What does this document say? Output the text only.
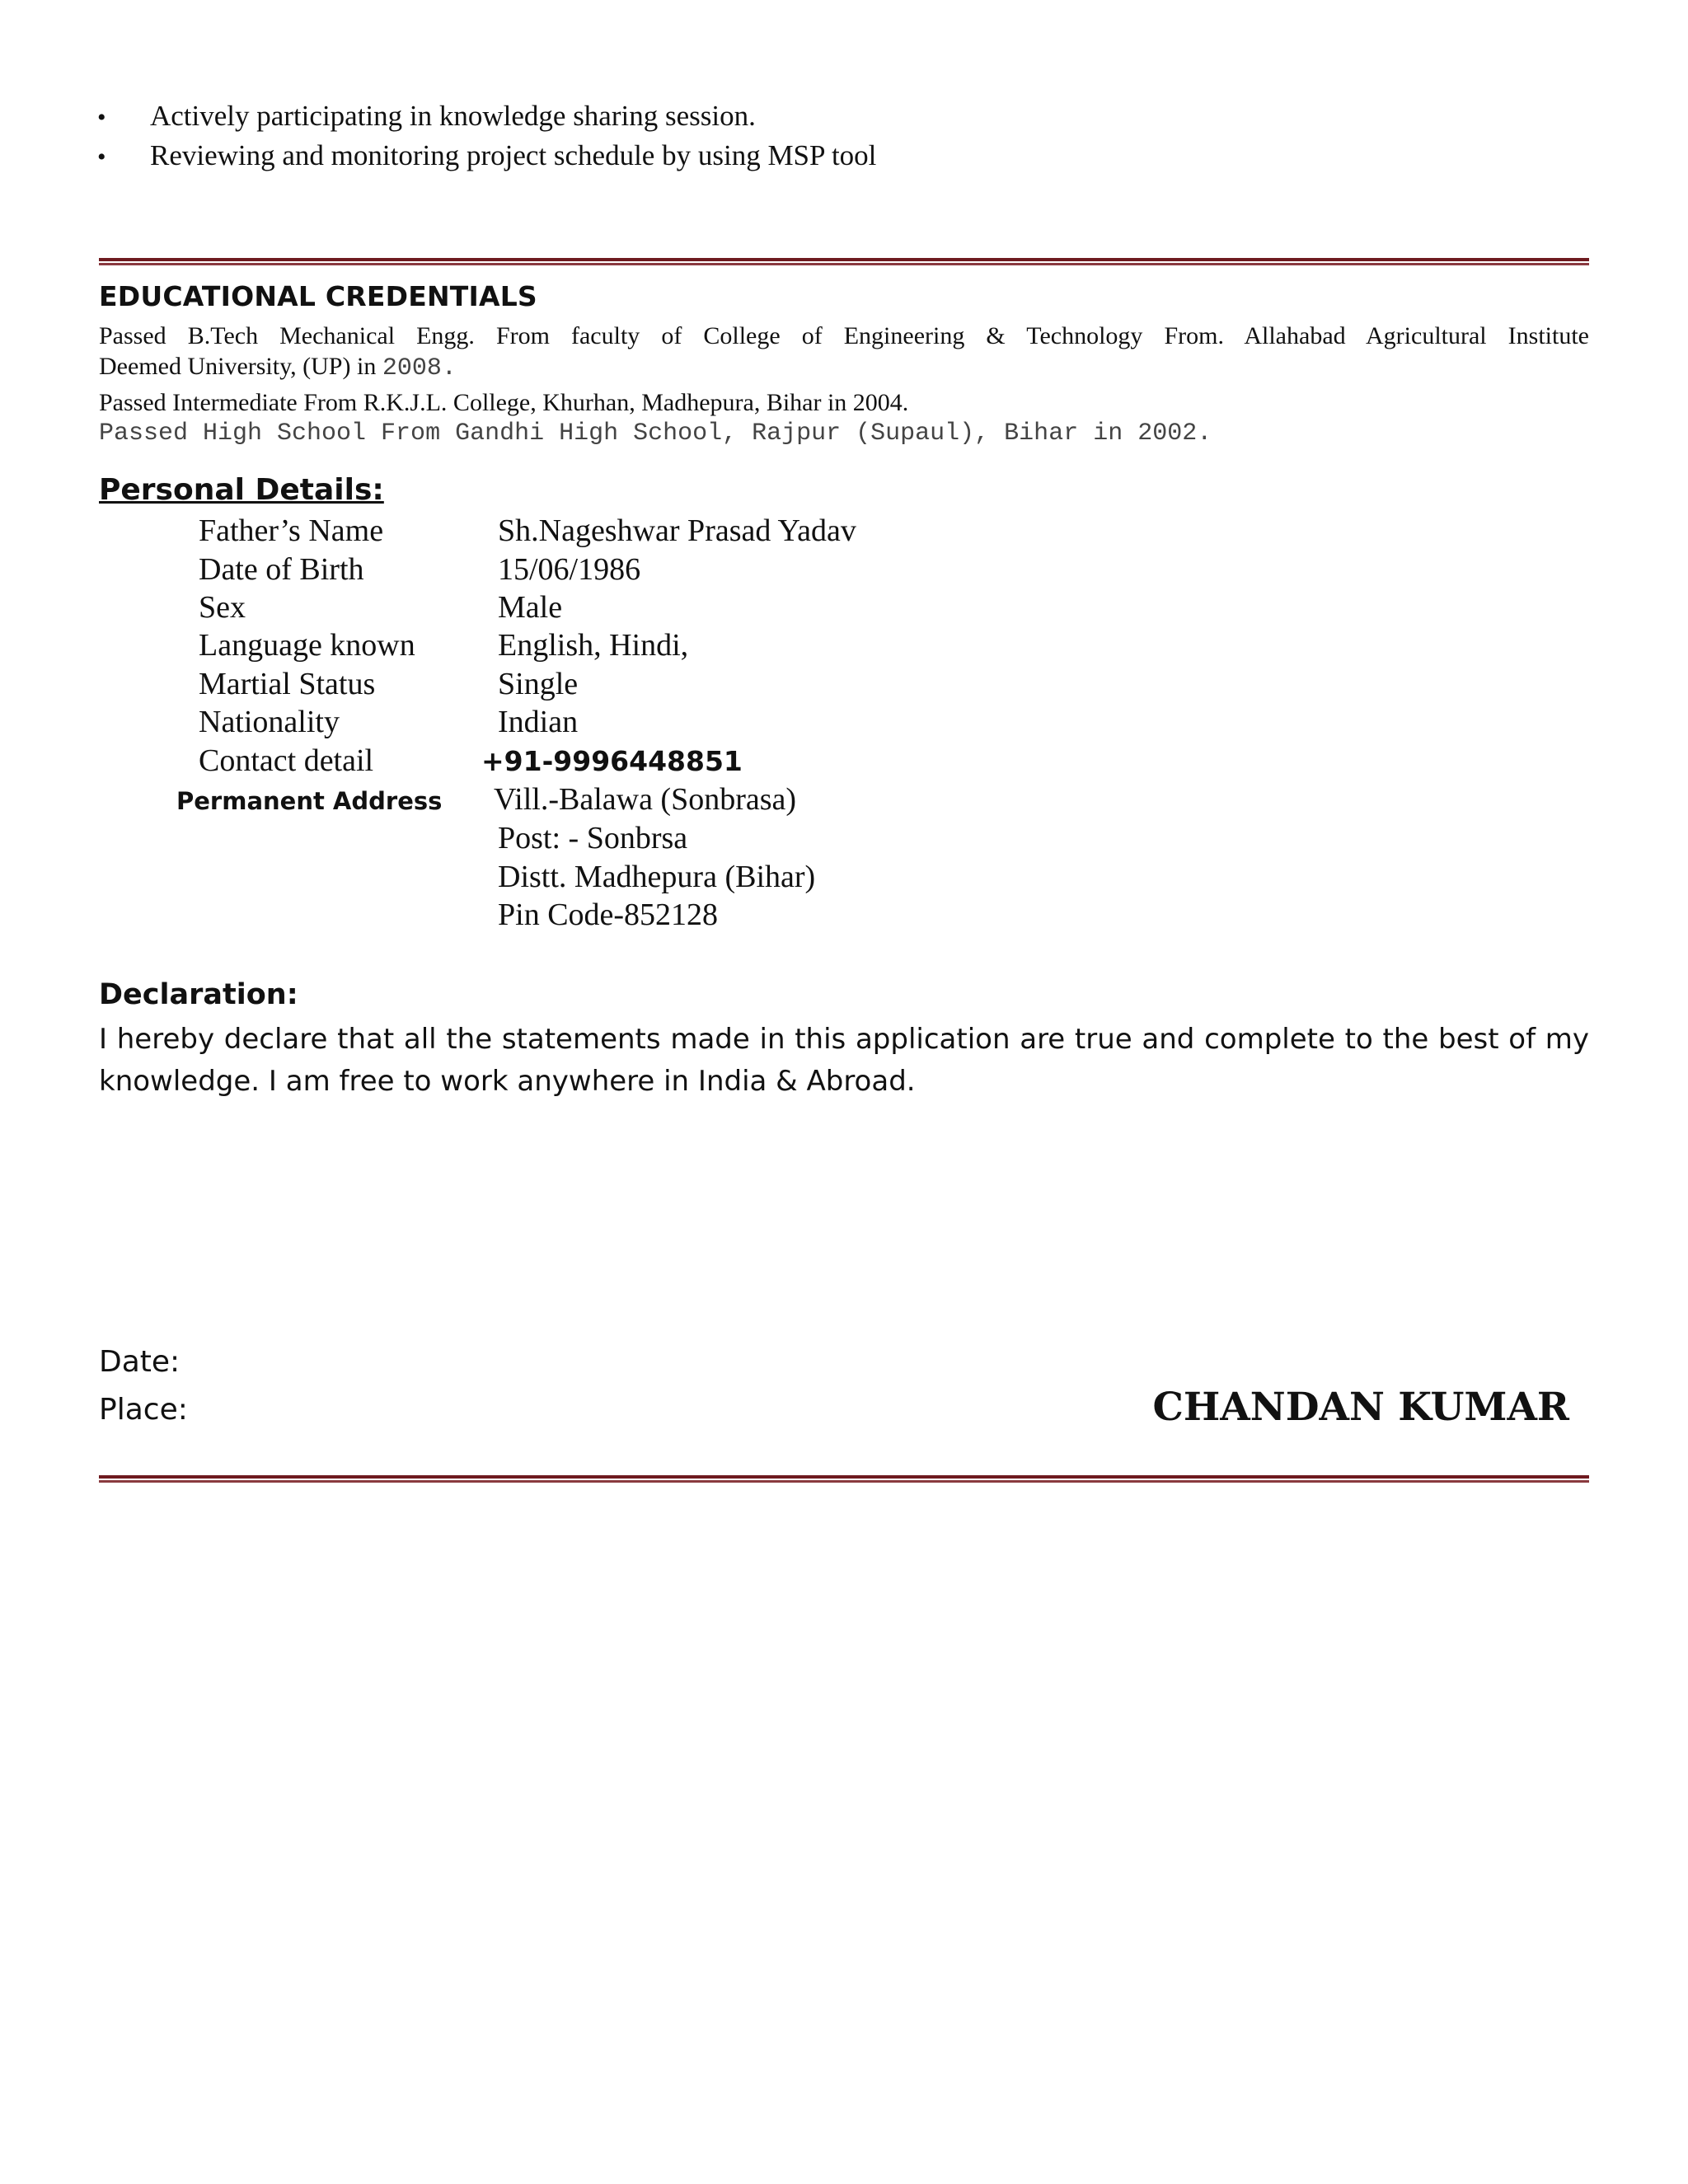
•	Actively participating in knowledge sharing session.
•	Reviewing and monitoring project schedule by using MSP tool
EDUCATIONAL CREDENTIALS
Passed B.Tech Mechanical Engg. From faculty of College of Engineering & Technology From. Allahabad Agricultural Institute
Deemed University, (UP) in 2008.
Passed Intermediate From R.K.J.L. College, Khurhan, Madhepura, Bihar in 2004.
Passed High School From Gandhi High School, Rajpur (Supaul), Bihar in 2002.
Personal Details:
Father’s Name	Sh.Nageshwar Prasad Yadav
Date of Birth	15/06/1986
Sex	Male
Language known	English, Hindi,
Martial Status	Single
Nationality	Indian
Contact detail	+91-9996448851
Permanent Address Vill.-Balawa (Sonbrasa)
Post: - Sonbrsa
Distt. Madhepura (Bihar)
Pin Code-852128
Declaration:
I hereby declare that all the statements made in this application are true and complete to the best of my knowledge. I am free to work anywhere in India & Abroad.
Date:
Place:	CHANDAN KUMAR
